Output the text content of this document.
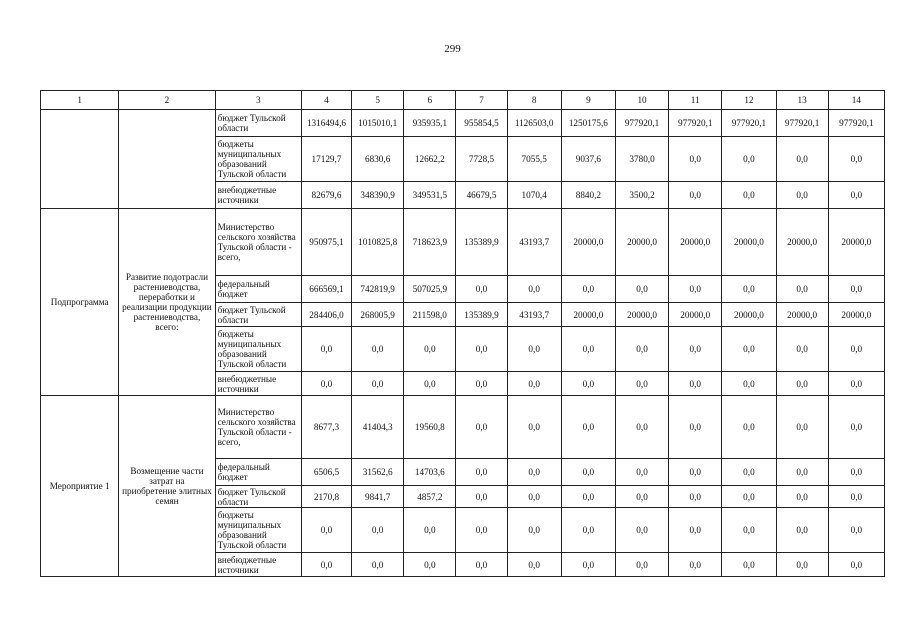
299
1	2	3	4	5	6	7	8	9	10	11	12	13	14
		бюджет Тульской области	1316494,6	1015010,1	935935,1	955854,5	1126503,0	1250175,6	977920,1	977920,1	977920,1	977920,1	977920,1
		бюджеты муниципальных образований Тульской области	17129,7	6830,6	12662,2	7728,5	7055,5	9037,6	3780,0	0,0	0,0	0,0	0,0
		внебюджетные источники	82679,6	348390,9	349531,5	46679,5	1070,4	8840,2	3500,2	0,0	0,0	0,0	0,0
Подпрограмма	Развитие подотрасли растениеводства, переработки и реализации продукции растениеводства, всего:	Министерство сельского хозяйства Тульской области - всего,	950975,1	1010825,8	718623,9	135389,9	43193,7	20000,0	20000,0	20000,0	20000,0	20000,0	20000,0
		федеральный бюджет	666569,1	742819,9	507025,9	0,0	0,0	0,0	0,0	0,0	0,0	0,0	0,0
		бюджет Тульской области	284406,0	268005,9	211598,0	135389,9	43193,7	20000,0	20000,0	20000,0	20000,0	20000,0	20000,0
		бюджеты муниципальных образований Тульской области	0,0	0,0	0,0	0,0	0,0	0,0	0,0	0,0	0,0	0,0	0,0
		внебюджетные источники	0,0	0,0	0,0	0,0	0,0	0,0	0,0	0,0	0,0	0,0	0,0
Мероприятие 1	Возмещение части затрат на приобретение элитных семян	Министерство сельского хозяйства Тульской области - всего,	8677,3	41404,3	19560,8	0,0	0,0	0,0	0,0	0,0	0,0	0,0	0,0
		федеральный бюджет	6506,5	31562,6	14703,6	0,0	0,0	0,0	0,0	0,0	0,0	0,0	0,0
		бюджет Тульской области	2170,8	9841,7	4857,2	0,0	0,0	0,0	0,0	0,0	0,0	0,0	0,0
		бюджеты муниципальных образований Тульской области	0,0	0,0	0,0	0,0	0,0	0,0	0,0	0,0	0,0	0,0	0,0
		внебюджетные источники	0,0	0,0	0,0	0,0	0,0	0,0	0,0	0,0	0,0	0,0	0,0
